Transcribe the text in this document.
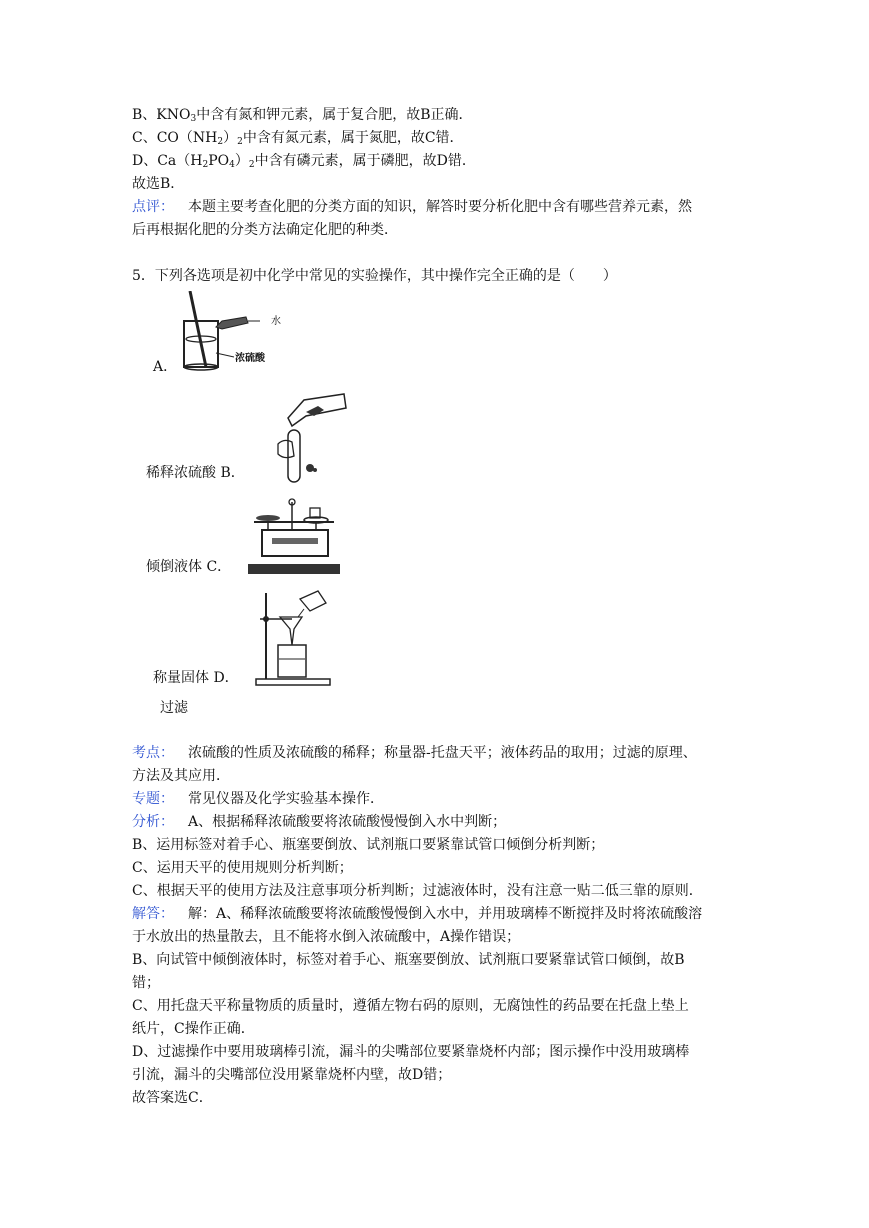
B、$KNO_3$中含有氮和钾元素，属于复合肥，故B正确．
C、$CO(NH_2)_2$中含有氮元素，属于氮肥，故C错．
D、$Ca(H_2PO_4)_2$中含有磷元素，属于磷肥，故D错．
故选B．
点评： 本题主要考查化肥的分类方面的知识，解答时要分析化肥中含有哪些营养元素，然
后再根据化肥的分类方法确定化肥的种类．
5．下列各选项是初中化学中常见的实验操作，其中操作完全正确的是（　　）
水
浓硫酸
A．
稀释浓硫酸 B．
倾倒液体 C．
称量固体 D．
过滤
考点： 浓硫酸的性质及浓硫酸的稀释；称量器-托盘天平；液体药品的取用；过滤的原理、
方法及其应用．
专题： 常见仪器及化学实验基本操作．
分析： A、根据稀释浓硫酸要将浓硫酸慢慢倒入水中判断；
B、运用标签对着手心、瓶塞要倒放、试剂瓶口要紧靠试管口倾倒分析判断；
C、运用天平的使用规则分析判断；
C、根据天平的使用方法及注意事项分析判断；过滤液体时，没有注意一贴二低三靠的原则．
解答： 解：A、稀释浓硫酸要将浓硫酸慢慢倒入水中，并用玻璃棒不断搅拌及时将浓硫酸溶
于水放出的热量散去，且不能将水倒入浓硫酸中，A操作错误；
B、向试管中倾倒液体时，标签对着手心、瓶塞要倒放、试剂瓶口要紧靠试管口倾倒，故B
错；
C、用托盘天平称量物质的质量时，遵循左物右码的原则，无腐蚀性的药品要在托盘上垫上
纸片，C操作正确．
D、过滤操作中要用玻璃棒引流，漏斗的尖嘴部位要紧靠烧杯内部；图示操作中没用玻璃棒
引流，漏斗的尖嘴部位没用紧靠烧杯内壁，故D错；
故答案选C．
